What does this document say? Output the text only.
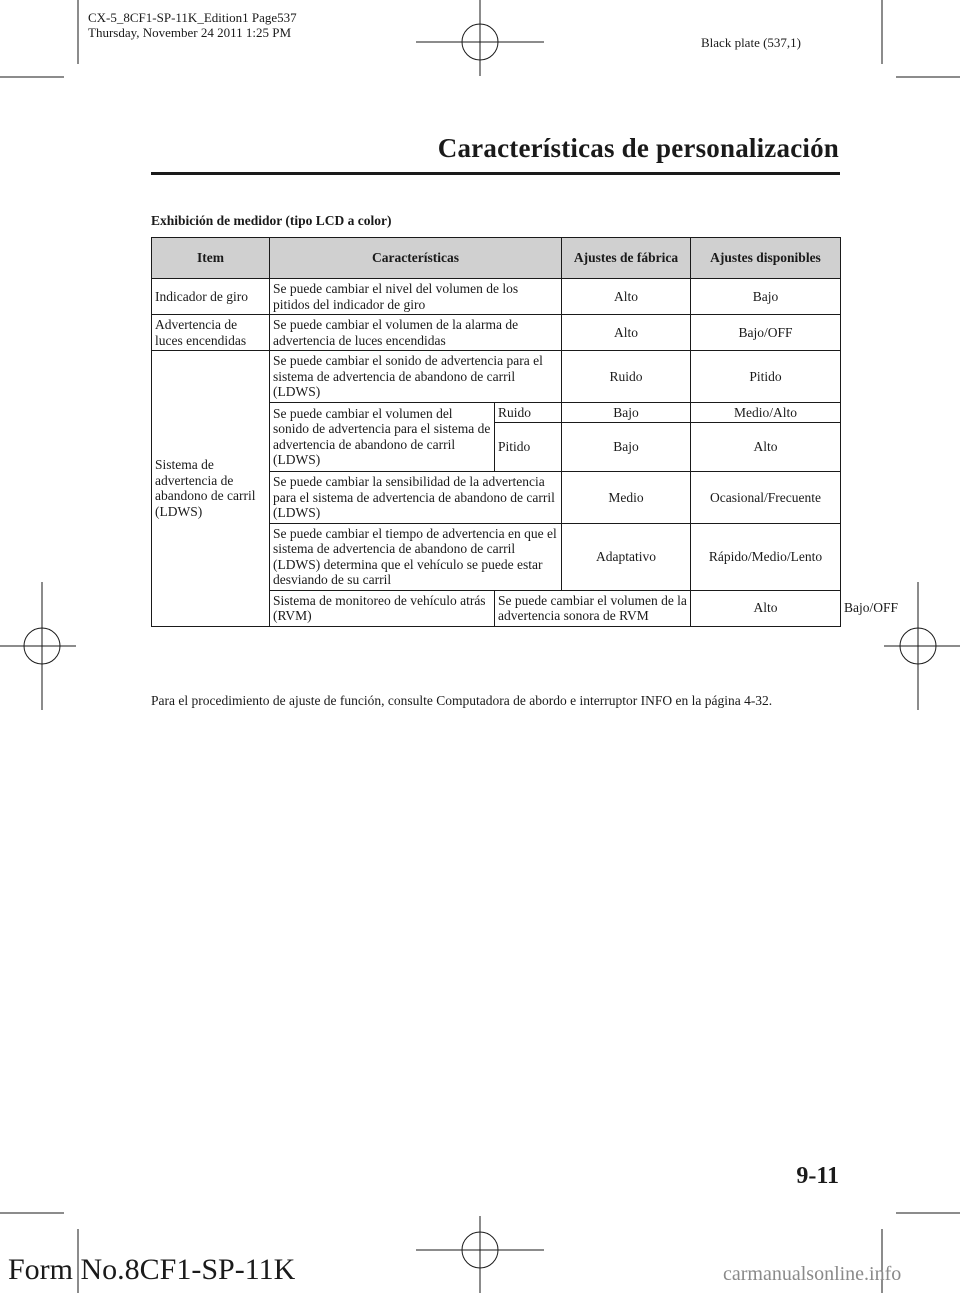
CX-5_8CF1-SP-11K_Edition1 Page537
Thursday, November 24 2011 1:25 PM
Black plate (537,1)
Características de personalización
Exhibición de medidor (tipo LCD a color)
Item	Características		Ajustes de fábrica	Ajustes disponibles	
Indicador de giro	Se puede cambiar el nivel del volumen de los pitidos del indicador de giro		Alto	Bajo	
Advertencia de luces encendidas	Se puede cambiar el volumen de la alarma de advertencia de luces encendidas		Alto	Bajo/OFF	
Sistema de advertencia de abandono de carril (LDWS)	Se puede cambiar el sonido de advertencia para el sistema de advertencia de abandono de carril (LDWS)		Ruido	Pitido	
	Se puede cambiar el volumen del sonido de advertencia para el sistema de advertencia de abandono de carril (LDWS)	Ruido	Bajo	Medio/Alto	
		Pitido	Bajo	Alto	
	Se puede cambiar la sensibilidad de la advertencia para el sistema de advertencia de abandono de carril (LDWS)		Medio	Ocasional/Frecuente	
	Se puede cambiar el tiempo de advertencia en que el sistema de advertencia de abandono de carril (LDWS) determina que el vehículo se puede estar desviando de su carril		Adaptativo	Rápido/Medio/Lento	
	Sistema de monitoreo de vehículo atrás (RVM)	Se puede cambiar el volumen de la advertencia sonora de RVM		Alto	Bajo/OFF
Para el procedimiento de ajuste de función, consulte Computadora de abordo e interruptor INFO en la página 4-32.
9-11
Form No.8CF1-SP-11K	carmanualsonline.info
